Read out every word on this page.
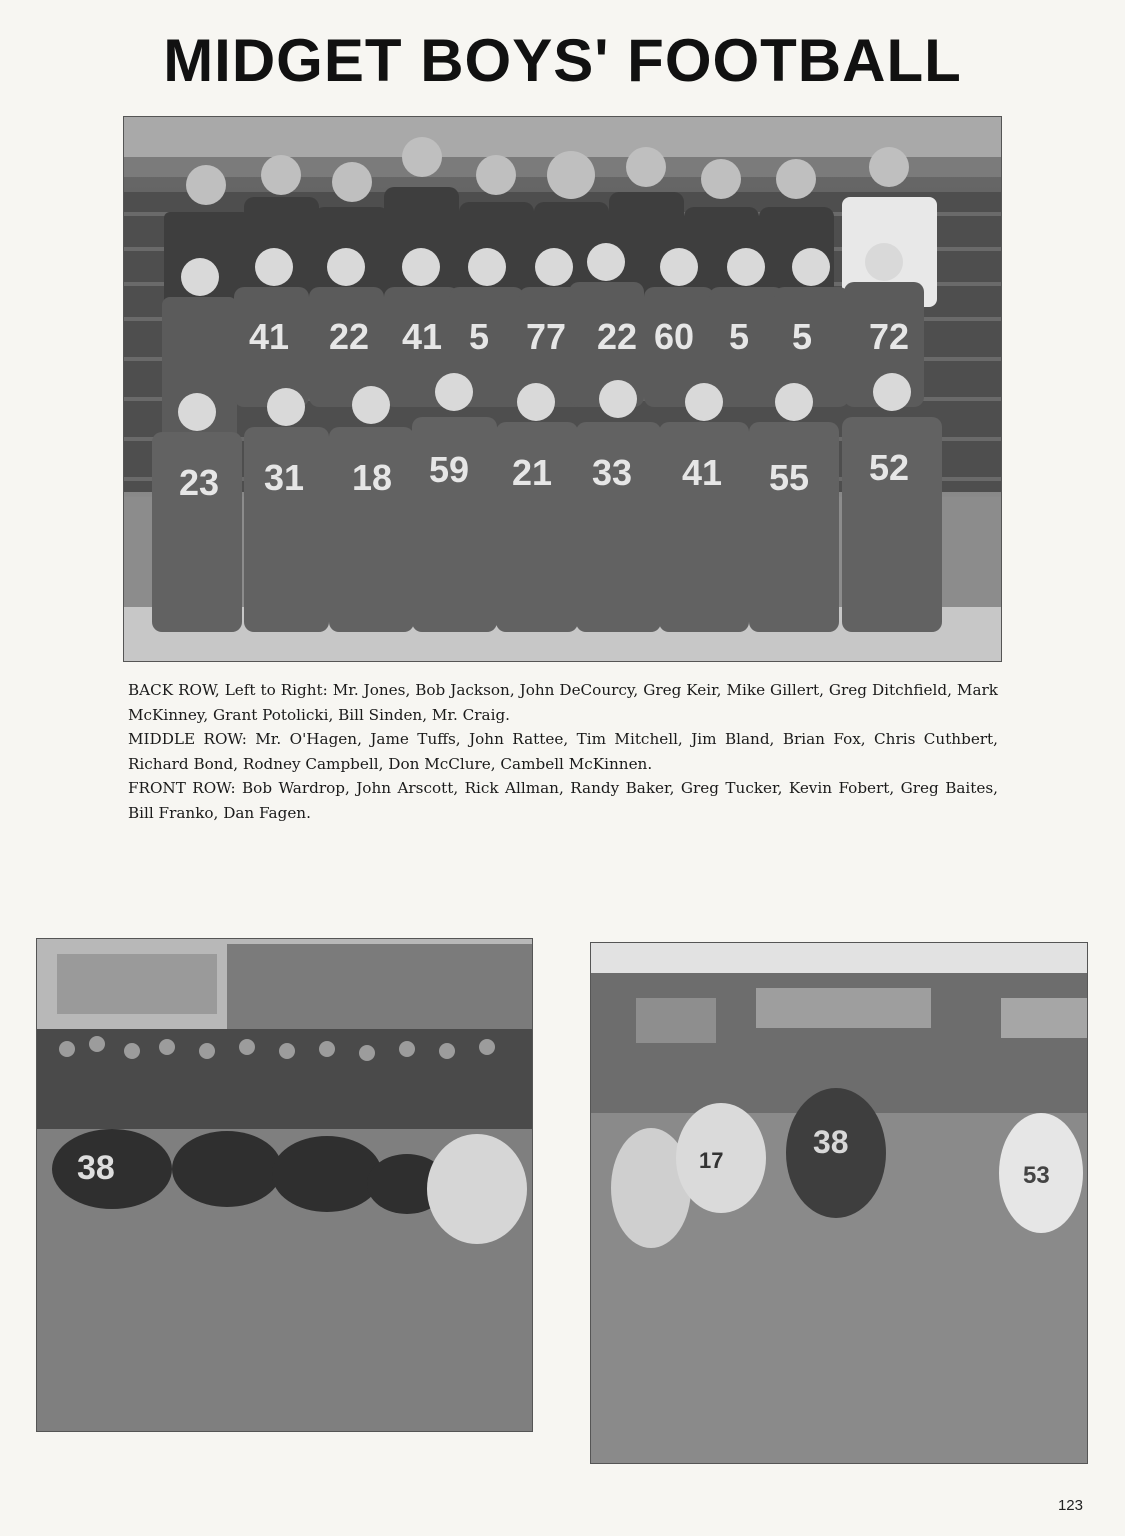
MIDGET BOYS' FOOTBALL
41 22 41 5 77 22 60 5 5 72
23 31 18 59 21 33 41 55 52

BACK ROW, Left to Right: Mr. Jones, Bob Jackson, John DeCourcy, Greg Keir, Mike Gillert, Greg Ditchfield, Mark McKinney, Grant Potolicki, Bill Sinden, Mr. Craig.

MIDDLE ROW: Mr. O'Hagen, Jame Tuffs, John Rattee, Tim Mitchell, Jim Bland, Brian Fox, Chris Cuthbert, Richard Bond, Rodney Campbell, Don McClure, Cambell McKinnen.

FRONT ROW: Bob Wardrop, John Arscott, Rick Allman, Randy Baker, Greg Tucker, Kevin Fobert, Greg Baites, Bill Franko, Dan Fagen.

38	17
38
53
123
